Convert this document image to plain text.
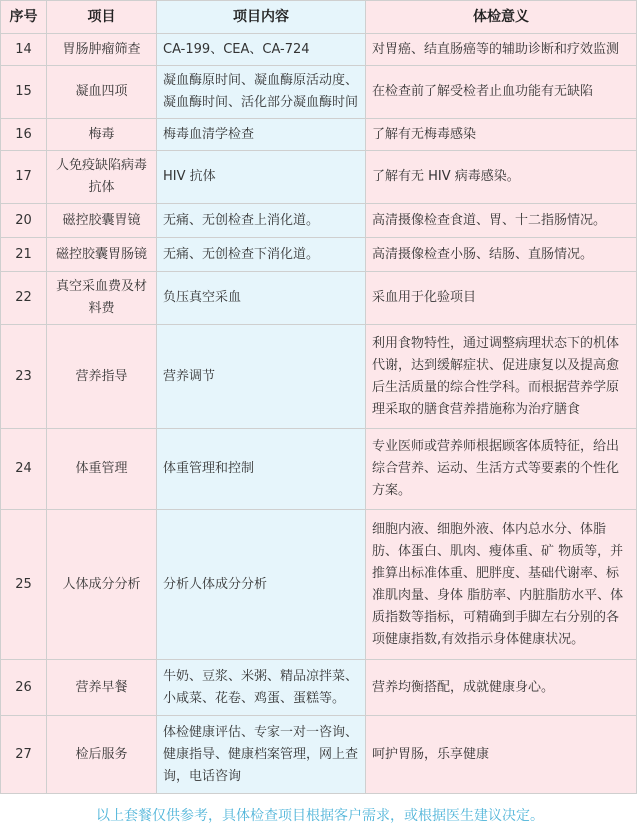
序号	项目	项目内容	体检意义
14	胃肠肿瘤筛查	CA-199、CEA、CA-724	对胃癌、结直肠癌等的辅助诊断和疗效监测
15	凝血四项	凝血酶原时间、凝血酶原活动度、凝血酶时间、活化部分凝血酶时间	在检查前了解受检者止血功能有无缺陷
16	梅毒	梅毒血清学检查	了解有无梅毒感染
17	人免疫缺陷病毒抗体	HIV 抗体	了解有无 HIV 病毒感染。
20	磁控胶囊胃镜	无痛、无创检查上消化道。	高清摄像检查食道、胃、十二指肠情况。
21	磁控胶囊胃肠镜	无痛、无创检查下消化道。	高清摄像检查小肠、结肠、直肠情况。
22	真空采血费及材料费	负压真空采血	采血用于化验项目
23	营养指导	营养调节	利用食物特性，通过调整病理状态下的机体代谢，达到缓解症状、促进康复以及提高愈后生活质量的综合性学科。而根据营养学原理采取的膳食营养措施称为治疗膳食
24	体重管理	体重管理和控制	专业医师或营养师根据顾客体质特征，给出综合营养、运动、生活方式等要素的个性化方案。
25	人体成分分析	分析人体成分分析	细胞内液、细胞外液、体内总水分、体脂肪、体蛋白、肌肉、瘦体重、矿 物质等，并推算出标准体重、肥胖度、基础代谢率、标准肌肉量、身体 脂肪率、内脏脂肪水平、体质指数等指标，可精确到手脚左右分别的各项健康指数,有效指示身体健康状况。
26	营养早餐	牛奶、豆浆、米粥、精品凉拌菜、小咸菜、花卷、鸡蛋、蛋糕等。	营养均衡搭配，成就健康身心。
27	检后服务	体检健康评估、专家一对一咨询、健康指导、健康档案管理，网上查询，电话咨询	呵护胃肠，乐享健康
以上套餐仅供参考，具体检查项目根据客户需求，或根据医生建议决定。
